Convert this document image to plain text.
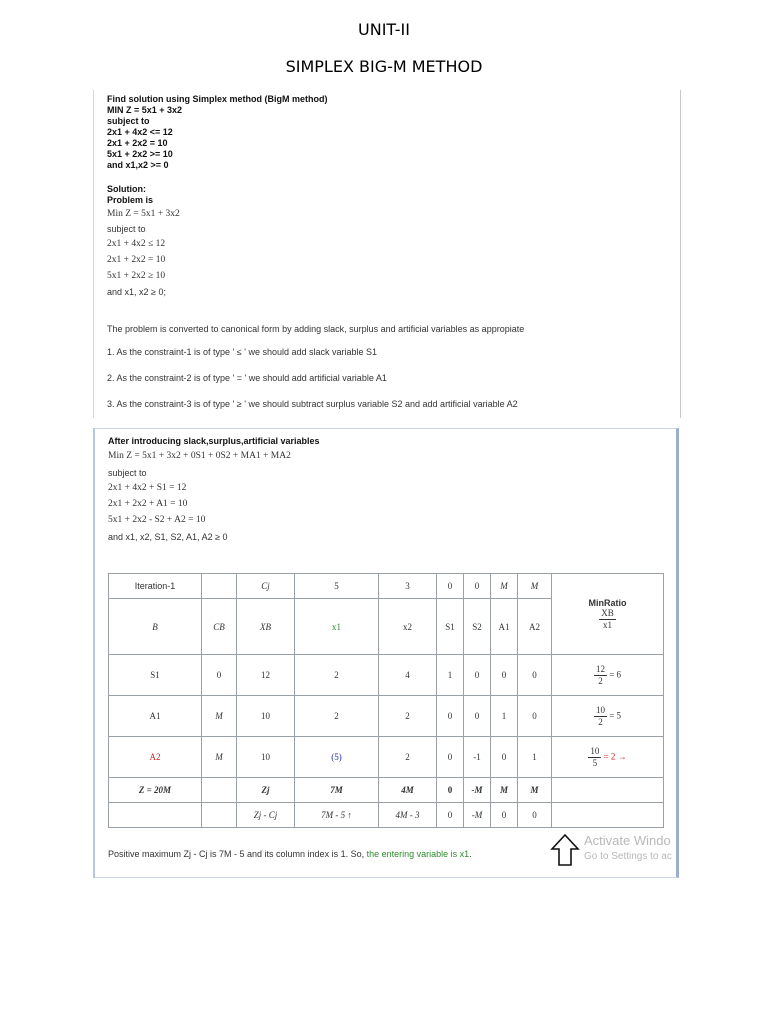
UNIT-II
SIMPLEX BIG-M METHOD
Find solution using Simplex method (BigM method)
MIN Z = 5x1 + 3x2
subject to
2x1 + 4x2 <= 12
2x1 + 2x2 = 10
5x1 + 2x2 >= 10
and x1,x2 >= 0
Solution:
Problem is
Min Z = 5x1 + 3x2
subject to
2x1 + 4x2 ≤ 12
2x1 + 2x2 = 10
5x1 + 2x2 ≥ 10
and x1, x2 ≥ 0;
The problem is converted to canonical form by adding slack, surplus and artificial variables as appropiate
1. As the constraint-1 is of type ' ≤ ' we should add slack variable S1
2. As the constraint-2 is of type ' = ' we should add artificial variable A1
3. As the constraint-3 is of type ' ≥ ' we should subtract surplus variable S2 and add artificial variable A2
After introducing slack,surplus,artificial variables
Min Z = 5x1 + 3x2 + 0S1 + 0S2 + MA1 + MA2
subject to
2x1 + 4x2 + S1 = 12
2x1 + 2x2 + A1 = 10
5x1 + 2x2 - S2 + A2 = 10
and x1, x2, S1, S2, A1, A2 ≥ 0
Iteration-1		Cj	5	3	0	0	M	M	MinRatio
$\frac{XB}{x1}$

B	CB	XB	x1	x2	S1	S2	A1	A2	
S1	0	12	2	4	1	0	0	0	$\frac{12}{2} = 6$
A1	M	10	2	2	0	0	1	0	$\frac{10}{2} = 5$
A2	M	10	(5)	2	0	-1	0	1	$\frac{10}{5} = 2$ →
Z = 20M		Zj	7M	4M	0	-M	M	M	
		Zj - Cj	7M - 5 ↑	4M - 3	0	-M	0	0	
Positive maximum Zj - Cj is 7M - 5 and its column index is 1. So, the entering variable is x1.
Activate Windo
Go to Settings to ac
